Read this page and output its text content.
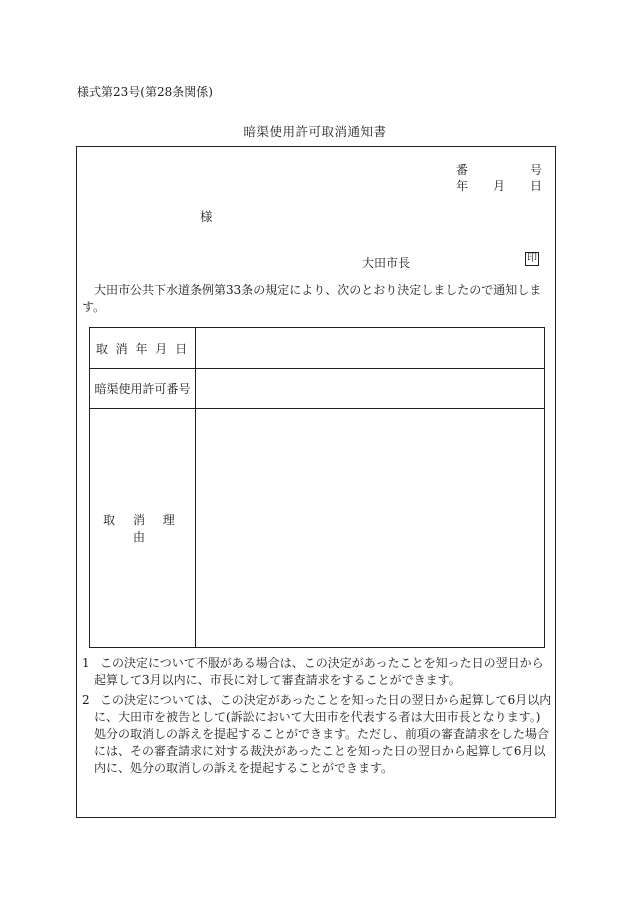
様式第23号(第28条関係)
暗渠使用許可取消通知書
番	号
年 月 日
様
大田市長	印
大田市公共下水道条例第33条の規定により、次のとおり決定しましたので通知します。
取 消 年 月 日
暗渠使用許可番号
取 消 理 由
1 この決定について不服がある場合は、この決定があったことを知った日の翌日から起算して3月以内に、市長に対して審査請求をすることができます。
2 この決定については、この決定があったことを知った日の翌日から起算して6月以内に、大田市を被告として(訴訟において大田市を代表する者は大田市長となります。)処分の取消しの訴えを提起することができます。ただし、前項の審査請求をした場合には、その審査請求に対する裁決があったことを知った日の翌日から起算して6月以内に、処分の取消しの訴えを提起することができます。
